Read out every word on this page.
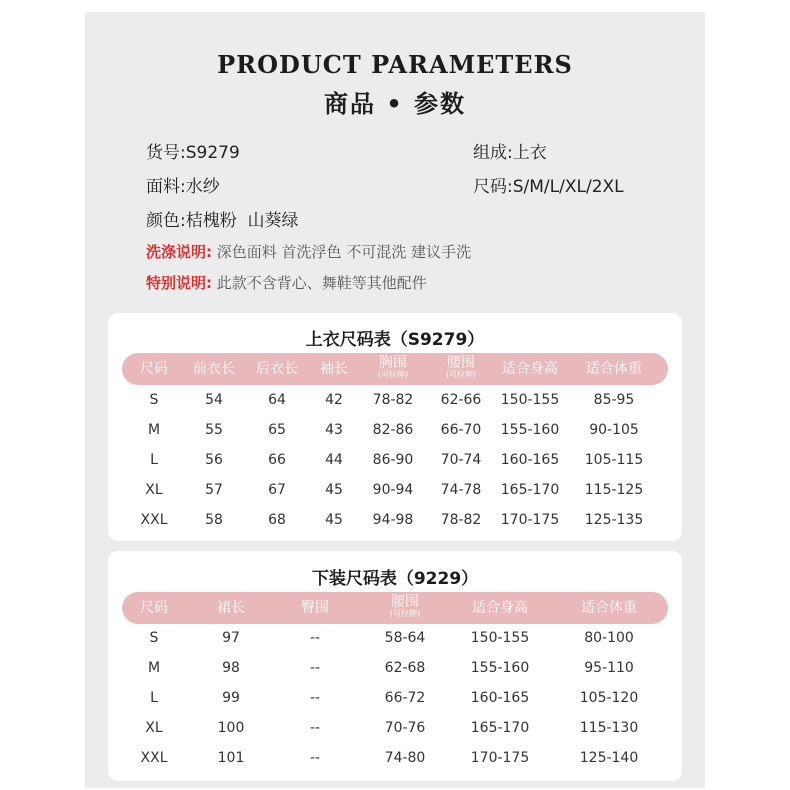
PRODUCT PARAMETERS
商品 • 参数
货号:S9279	组成:上衣
面料:水纱	尺码:S/M/L/XL/2XL
颜色:桔槐粉  山葵绿
洗涤说明: 深色面料 首洗浮色 不可混洗 建议手洗
特别说明: 此款不含背心、舞鞋等其他配件
上衣尺码表（S9279）
尺码 前衣长 后衣长 袖长 胸围
(可拉伸)
腰围
(可拉伸) 适合身高 适合体重
S	54	64	42 78-82 62-66 150-155 85-95
M	55	65	43 82-86 66-70 155-160 90-105
L	56	66	44 86-90 70-74 160-165 105-115
XL	57	67	45 90-94 74-78 165-170 115-125
XXL	58	68	45 94-98 78-82 170-175 125-135
下装尺码表（9229）
尺码	裙长	臀围	腰围
(可拉伸)	适合身高	适合体重
S	97	--	58-64	150-155	80-100
M	98	--	62-68	155-160	95-110
L	99	--	66-72	160-165	105-120
XL	100	--	70-76	165-170	115-130
XXL	101	--	74-80	170-175	125-140
